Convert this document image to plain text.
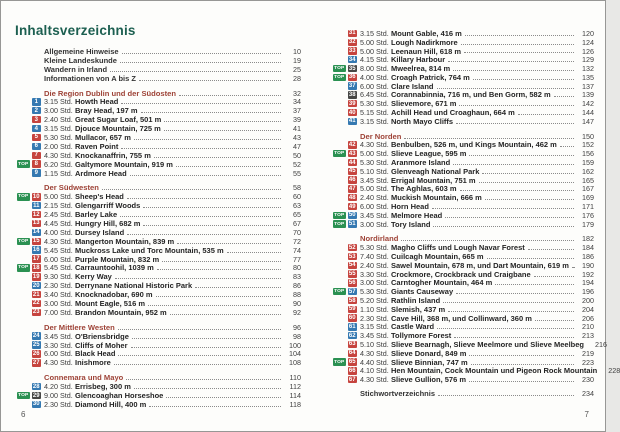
Inhaltsverzeichnis
Allgemeine Hinweise	10
Kleine Landeskunde	19
Wandern in Irland	25
Informationen von A bis Z	28
Die Region Dublin und der Südosten	32
1 3.15 Std. Howth Head	34
2 3.00 Std. Bray Head, 197 m	37
3 2.40 Std. Great Sugar Loaf, 501 m	39
4 3.15 Std. Djouce Mountain, 725 m	41
5 5.30 Std. Mullacor, 657 m	43
6 2.00 Std. Raven Point	47
7 4.30 Std. Knockanaffrin, 755 m	50
TOP	8 6.20 Std. Galtymore Mountain, 919 m	52
9 1.15 Std. Ardmore Head	55
Der Südwesten	58
TOP 10 5.00 Std. Sheep's Head	60
11 2.15 Std. Glengarriff Woods	63
12 2.45 Std. Barley Lake	65
13 4.45 Std. Hungry Hill, 682 m	67
14 4.00 Std. Dursey Island	70
TOP 15 4.30 Std. Mangerton Mountain, 839 m	72
16 5.45 Std. Muckross Lake und Torc Mountain, 535 m	74
17 6.00 Std. Purple Mountain, 832 m	77
TOP 18 5.45 Std. Carrauntoohil, 1039 m	80
19 9.30 Std. Kerry Way	83
20 2.30 Std. Derrynane National Historic Park	86
21 3.40 Std. Knocknadobar, 690 m	88
22 3.00 Std. Mount Eagle, 516 m	90
23 7.00 Std. Brandon Mountain, 952 m	92
Der Mittlere Westen	96
24 3.45 Std. O'Briensbridge	98
25 3.30 Std. Cliffs of Moher	100
26 6.00 Std. Black Head	104
27 4.30 Std. Inishmore	108
Connemara und Mayo	110
28 4.20 Std. Errisbeg, 300 m	112
TOP 29 9.00 Std. Glencoaghan Horseshoe	114
30 2.30 Std. Diamond Hill, 400 m	118
31 3.15 Std. Mount Gable, 416 m	120
32 5.00 Std. Lough Nadirkmore	124
33 5.00 Std. Leenaun Hill, 618 m	126
34 4.15 Std. Killary Harbour	129
TOP 35 8.00 Std. Mweelrea, 814 m	132
TOP 36 4.00 Std. Croagh Patrick, 764 m	135
37 6.00 Std. Clare Island	137
38 6.45 Std. Corannabinnia, 716 m, und Ben Gorm, 582 m	139
39 5.30 Std. Slievemore, 671 m	142
40 5.15 Std. Achill Head und Croaghaun, 664 m	144
41 3.15 Std. North Mayo Cliffs	147
Der Norden	150
42 4.30 Std. Benbulben, 526 m, und Kings Mountain, 462 m	152
TOP 43 5.00 Std. Slieve League, 595 m	156
44 5.30 Std. Aranmore Island	159
45 5.10 Std. Glenveagh National Park	162
46 3.45 Std. Errigal Mountain, 751 m	165
47 5.00 Std. The Aghlas, 603 m	167
48 2.40 Std. Muckish Mountain, 666 m	169
49 6.00 Std. Horn Head	171
TOP 50 3.45 Std. Melmore Head	176
TOP 51 3.00 Std. Tory Island	179
Nordirland	182
52 5.30 Std. Magho Cliffs und Lough Navar Forest	184
53 7.40 Std. Cuilcagh Mountain, 665 m	186
54 2.40 Std. Sawel Mountain, 678 m, und Dart Mountain, 619 m	190
55 3.30 Std. Crockmore, Crockbrack und Craigbane	192
56 3.00 Std. Carntogher Mountain, 464 m	194
TOP 57 5.30 Std. Giants Causeway	196
58 5.20 Std. Rathlin Island	200
59 1.10 Std. Slemish, 437 m	204
60 2.30 Std. Cave Hill, 368 m, und Collinward, 360 m	206
61 3.15 Std. Castle Ward	210
62 3.45 Std. Tollymore Forest	213
63 5.10 Std. Slieve Bearnagh, Slieve Meelmore und Slieve Meelbeg	216
64 4.30 Std. Slieve Donard, 849 m	219
TOP 65 4.40 Std. Slieve Binnian, 747 m	223
66 4.10 Std. Hen Mountain, Cock Mountain und Pigeon Rock Mountain	228
67 4.30 Std. Slieve Gullion, 576 m	230
Stichwortverzeichnis	234
6	7
